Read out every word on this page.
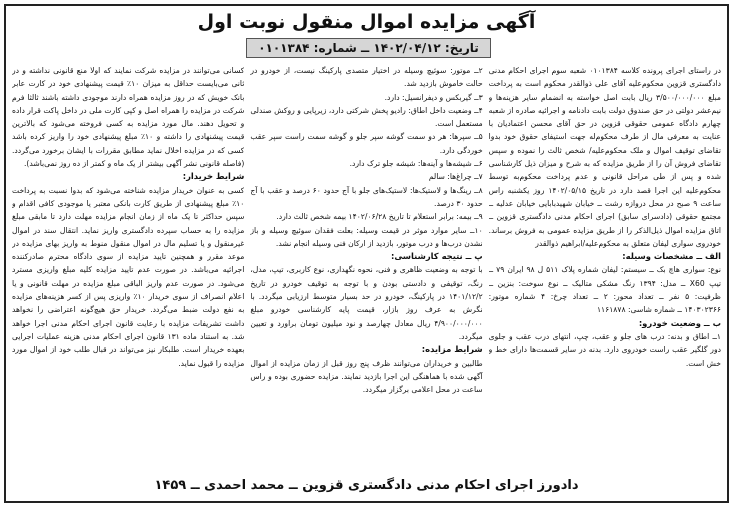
آگهی مزایده اموال منقول نوبت اول
تاریخ: ۱۴۰۲/۰۴/۱۲ ــ شماره: ۰۱۰۱۳۸۴
در راستای اجرای پرونده کلاسه ۰۱۰۱۳۸۴ شعبه سوم اجرای احکام مدنی دادگستری قزوین محکوم‌علیه آقای علی ذوالقدر محکوم است به پرداخت مبلغ ۳/۵۰۰/۰۰۰/۰۰۰ ریال بابت اصل خواسته به انضمام سایر هزینه‌ها و نیم‌عشر دولتی در حق صندوق دولت بابت دادنامه و اجرائیه صادره از شعبه چهارم دادگاه عمومی حقوقی قزوین در حق آقای محسن اعتمادیان با عنایت به معرفی مال از طرف محکوم‌له جهت استیفای حقوق خود بدوا تقاضای توقیف اموال و ملک محکوم‌علیه/ شخص ثالث را نموده و سپس تقاضای فروش آن را از طریق مزایده که به شرح و میزان ذیل کارشناسی شده و پس از طی مراحل قانونی و عدم پرداخت محکوم‌به توسط محکوم‌علیه این اجرا قصد دارد در تاریخ ۱۴۰۲/۰۵/۱۵ روز یکشنبه راس ساعت ۹ صبح در محل دروازه رشت ــ خیابان شهیدبابایی خیابان عدلیه ــ مجتمع حقوقی (دادسرای سابق) اجرای احکام مدنی دادگستری قزوین ــ اتاق مزایده اموال ذیل‌الذکر را از طریق مزایده عمومی به فروش برساند. خودروی سواری لیفان متعلق به محکوم‌علیه/ابراهیم ذوالقدر
الف ــ مشخصات وسیله:
نوع: سواری هاچ بک ــ سیستم: لیفان شماره پلاک ۵۱۱ ل ۹۸ ایران ۷۹ ــ تیپ X60 ــ مدل: ۱۳۹۴ رنگ مشکی متالیک ــ نوع سوخت: بنزین ــ ظرفیت: ۵ نفر ــ تعداد محور: ۲ ــ تعداد چرخ: ۴ شماره موتور: ۱۴۰۳۰۲۳۶۶ ــ شماره شاسی: ۱۱۶۱۸۷۸
ب ــ وضعیت خودرو:
۱ــ اطاق و بدنه: درب های جلو و عقب، چپ، انتهای درب عقب و جلوی دور گلگیر عقب راست خودروی دارد. بدنه در سایر قسمت‌ها دارای خط و خش است.
۲ــ موتور: سوئیچ وسیله در اختیار متصدی پارکینگ نیست، از خودرو در حالت خاموش بازدید شد.
۳ــ گیربکس و دیفرانسیل: دارد.
۴ــ وضعیت داخل اطاق: رادیو پخش شرکتی دارد، زیرپایی و روکش صندلی مستعمل است.
۵ــ سپرها: هر دو سمت گوشه سپر جلو و گوشه سمت راست سپر عقب خوردگی دارد.
۶ــ شیشه‌ها و آینه‌ها: شیشه جلو ترک دارد.
۷ــ چراغ‌ها: سالم
۸ــ رینگ‌ها و لاستیک‌ها: لاستیک‌های جلو با آج حدود ۶۰ درصد و عقب با آج حدود ۳۰ درصد.
۹ــ بیمه: برابر استعلام تا تاریخ ۱۴۰۲/۰۶/۲۸ بیمه شخص ثالث دارد.
۱۰ــ سایر موارد موثر در قیمت وسیله: بعلت فقدان سوئیچ وسیله و باز نشدن درب‌ها و درب موتور، بازدید از ارکان فنی وسیله انجام نشد.
پ ــ نتیجه کارشناسی:
با توجه به وضعیت ظاهری و فنی، نحوه نگهداری، نوع کاربری، تیپ، مدل، رنگ، توقیفی و دادستی بودن و با توجه به توقیف خودرو در تاریخ ۱۴۰۱/۱۲/۲ در پارکینگ، خودرو در حد بسیار متوسط ارزیابی میگردد. با نگرش به عرف روز بازار، قیمت پایه کارشناسی خودرو مبلغ ۴/۹۰۰/۰۰۰/۰۰۰ ریال معادل چهارصد و نود میلیون تومان براورد و تعیین میگردد.
شرایط مزایده:
طالبین و خریداران می‌توانند ظرف پنج روز قبل از زمان مزایده از اموال آگهی شده با هماهنگی این اجرا بازدید نمایند. مزایده حضوری بوده و راس ساعت در محل اعلامی برگزار میگردد.
کسانی می‌توانند در مزایده شرکت نمایند که اولا منع قانونی نداشته و در ثانی می‌بایست حداقل به میزان ۱۰٪ قیمت پیشنهادی خود در کارت عابر بانک خویش که در روز مزایده همراه دارند موجودی داشته باشند ثالثا فرم شرکت در مزایده را همراه اصل و کپی کارت ملی در داخل پاکت قرار داده و تحویل دهند. مال مورد مزایده به کسی فروخته می‌شود که بالاترین قیمت پیشنهادی را داشته و ۱۰٪ مبلغ پیشنهادی خود را واریز کرده باشد کسی که در مزایده اخلال نماید مطابق مقررات با ایشان برخورد می‌گردد. (فاصله قانونی نشر آگهی بیشتر از یک ماه و کمتر از ده روز نمی‌باشد).
شرایط خریدار:
کسی به عنوان خریدار مزایده شناخته می‌شود که بدوا نسبت به پرداخت ۱۰٪ مبلغ پیشنهادی از طریق کارت بانکی معتبر یا موجودی کافی اقدام و سپس حداکثر تا یک ماه از زمان انجام مزایده مهلت دارد تا مابقی مبلغ مزایده را به حساب سپرده دادگستری واریز نماید. انتقال سند در اموال غیرمنقول و یا تسلیم مال در اموال منقول منوط به واریز بهای مزایده در موعد مقرر و همچنین تایید مزایده از سوی دادگاه محترم صادرکننده اجرائیه می‌باشد. در صورت عدم تایید مزایده کلیه مبلغ واریزی مسترد می‌شود. در صورت عدم واریز الباقی مبلغ مزایده در مهلت قانونی و یا اعلام انصراف از سوی خریدار ۱۰٪ واریزی پس از کسر هزینه‌های مزایده به نفع دولت ضبط می‌گردد. خریدار حق هیچ‌گونه اعتراضی را نخواهد داشت تشریفات مزایده با رعایت قانون اجرای احکام مدنی اجرا خواهد شد. به استناد ماده ۱۳۱ قانون اجرای احکام مدنی هزینه عملیات اجرایی بعهده خریدار است. طلبکار نیز می‌تواند در قبال طلب خود از اموال مورد مزایده را قبول نماید.
دادورز اجرای احکام مدنی دادگستری قزوین ــ محمد احمدی ــ ۱۴۵۹
